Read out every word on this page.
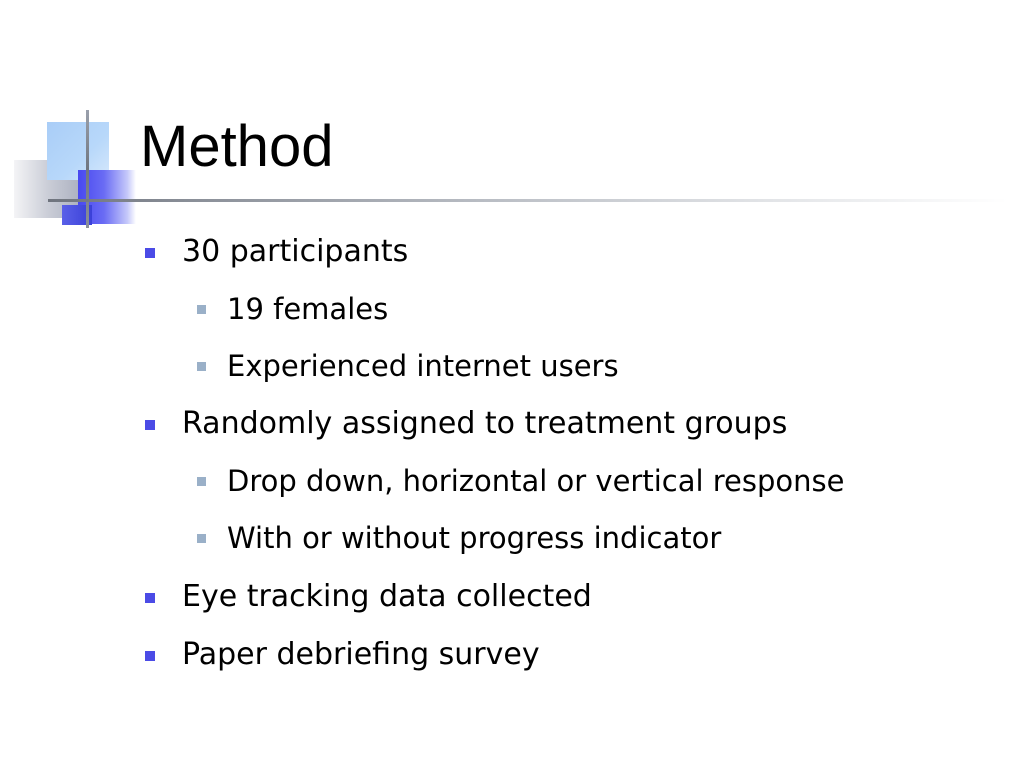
Method
30 participants
19 females
Experienced internet users
Randomly assigned to treatment groups
Drop down, horizontal or vertical response
With or without progress indicator
Eye tracking data collected
Paper debriefing survey
